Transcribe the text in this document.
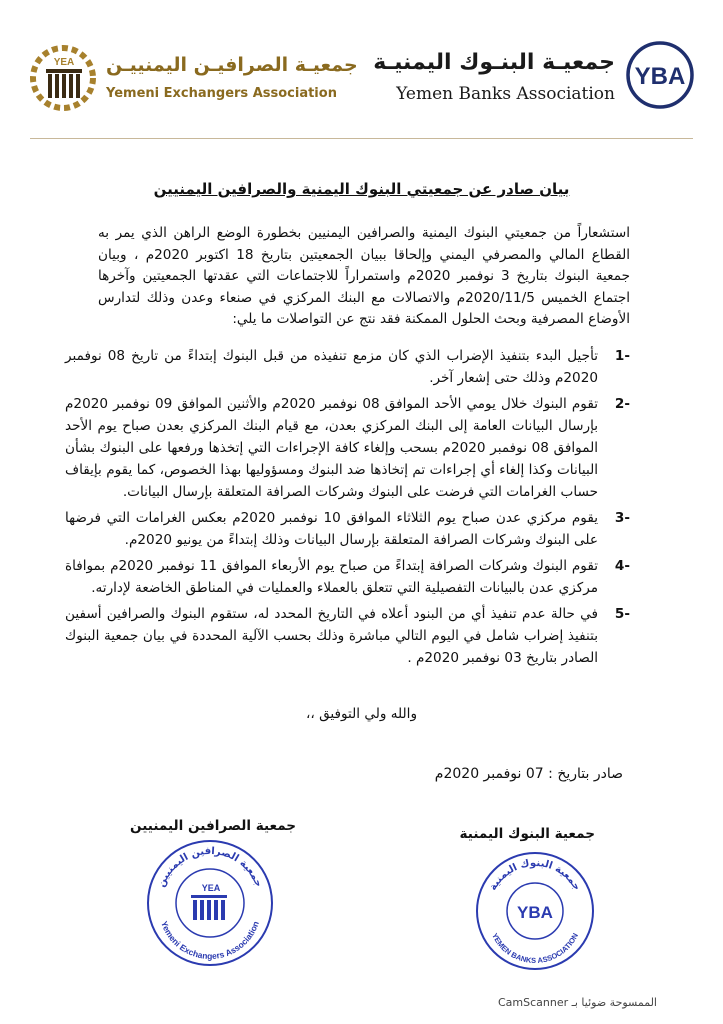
YBA
جمعيـة البنـوك اليمنيـة
Yemen Banks Association
YEA جمعيـة الصرافيـن اليمنييـن
Yemeni Exchangers Association
بيان صادر عن جمعيتي البنوك اليمنية والصرافين اليمنيين
استشعاراً من جمعيتي البنوك اليمنية والصرافين اليمنيين بخطورة الوضع الراهن الذي يمر به القطاع المالي والمصرفي اليمني وإلحاقا ببيان الجمعيتين بتاريخ 18 اكتوبر 2020م ، وبيان جمعية البنوك بتاريخ 3 نوفمبر 2020م واستمراراً للاجتماعات التي عقدتها الجمعيتين وآخرها اجتماع الخميس 2020/11/5م والاتصالات مع البنك المركزي في صنعاء وعدن وذلك لتدارس الأوضاع المصرفية وبحث الحلول الممكنة فقد نتج عن التواصلات ما يلي:
-1
تأجيل البدء بتنفيذ الإضراب الذي كان مزمع تنفيذه من قبل البنوك إبتداءً من تاريخ 08 نوفمبر 2020م وذلك حتى إشعار آخر.
-2
تقوم البنوك خلال يومي الأحد الموافق 08 نوفمبر 2020م والأثنين الموافق 09 نوفمبر 2020م بإرسال البيانات العامة إلى البنك المركزي بعدن، مع قيام البنك المركزي بعدن صباح يوم الأحد الموافق 08 نوفمبر 2020م بسحب وإلغاء كافة الإجراءات التي إتخذها ورفعها على البنوك بشأن البيانات وكذا إلغاء أي إجراءات تم إتخاذها ضد البنوك ومسؤوليها بهذا الخصوص، كما يقوم بإيقاف حساب الغرامات التي فرضت على البنوك وشركات الصرافة المتعلقة بإرسال البيانات.
-3
يقوم مركزي عدن صباح يوم الثلاثاء الموافق 10 نوفمبر 2020م بعكس الغرامات التي فرضها على البنوك وشركات الصرافة المتعلقة بإرسال البيانات وذلك إبتداءً من يونيو 2020م.
-4
تقوم البنوك وشركات الصرافة إبتداءً من صباح يوم الأربعاء الموافق 11 نوفمبر 2020م بموافاة مركزي عدن بالبيانات التفصيلية التي تتعلق بالعملاء والعمليات في المناطق الخاضعة لإدارته.
-5
في حالة عدم تنفيذ أي من البنود أعلاه في التاريخ المحدد له، ستقوم البنوك والصرافين أسفين بتنفيذ إضراب شامل في اليوم التالي مباشرة وذلك بحسب الآلية المحددة في بيان جمعية البنوك الصادر بتاريخ 03 نوفمبر 2020م .
والله ولي التوفيق ،،
صادر بتاريخ : 07 نوفمبر 2020م
جمعية الصرافين اليمنيين	جمعية البنوك اليمنية
جمعية الصرافين اليمنيين
Yemeni Exchangers Association
YEA	جمعية البنوك اليمنية
YEMEN BANKS ASSOCIATION
YBA
الممسوحة ضوئيا بـ CamScanner
